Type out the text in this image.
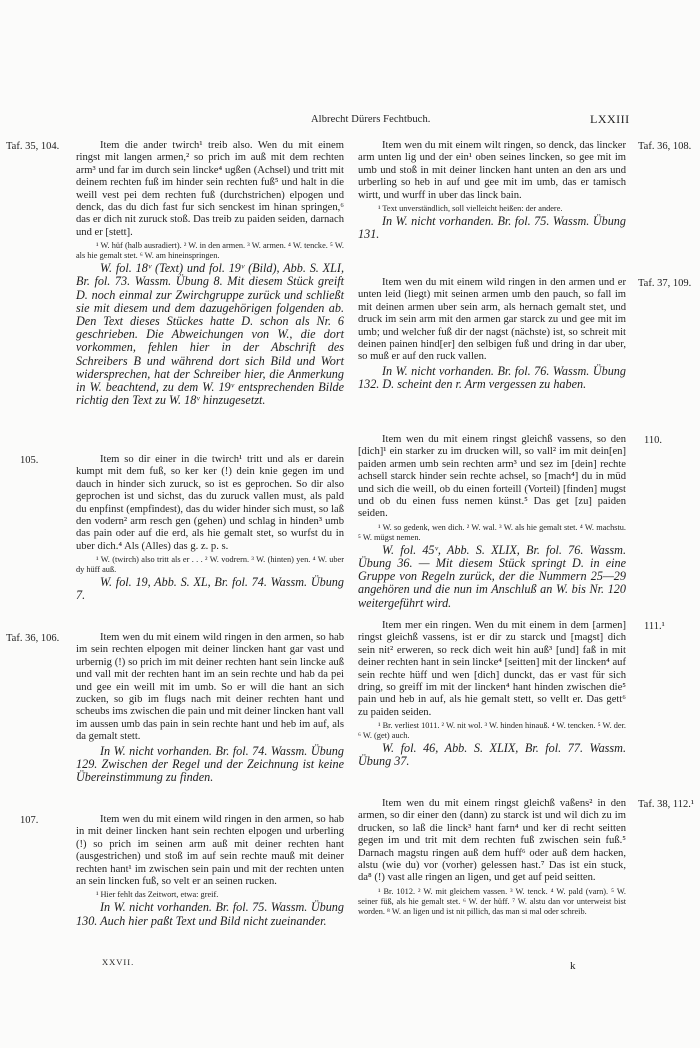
Albrecht Dürers Fechtbuch.	LXXIII
Taf. 35, 104.	Item die ander twirch¹ treib also. Wen du mit einem ringst mit langen armen,² so prich im auß mit dem rechten arm³ und far im durch sein lincke⁴ ugßen (Achsel) und tritt mit deinem rechten fuß im hinder sein rechten fuß⁵ und halt in die weill vest pei dem rechten fuß (durchstrichen) elpogen und denck, das du dich fast fur sich senckest im hinan springen,⁶ das er dich nit zuruck stoß. Das treib zu paiden seiden, darnach und er [stett].

¹ W. hüf (halb ausradiert). ² W. in den armen. ³ W. armen. ⁴ W. tencke. ⁵ W. als hie gemalt stet. ⁶ W. am hineinspringen.

W. fol. 18ᵛ (Text) und fol. 19ᵛ (Bild), Abb. S. XLI, Br. fol. 73. Wassm. Übung 8. Mit diesem Stück greift D. noch einmal zur Zwirchgruppe zurück und schließt sie mit diesem und dem dazugehörigen folgenden ab. Den Text dieses Stückes hatte D. schon als Nr. 6 geschrieben. Die Abweichungen von W., die dort vorkommen, fehlen hier in der Abschrift des Schreibers B und während dort sich Bild und Wort widersprechen, hat der Schreiber hier, die Anmerkung in W. beachtend, zu dem W. 19ᵛ entsprechenden Bilde richtig den Text zu W. 18ᵛ hinzugesetzt.

105.	Item so dir einer in die twirch¹ tritt und als er darein kumpt mit dem fuß, so ker ker (!) dein knie gegen im und dauch in hinder sich zuruck, so ist es geprochen. So dir also geprochen ist und sichst, das du zuruck vallen must, als pald du enpfinst (empfindest), das du wider hinder sich must, so laß den vodern² arm resch gen (gehen) und schlag in hinden³ umb das pain oder auf die erd, als hie gemalt stet, so wurfst du in uber dich.⁴ Als (Alles) das g. z. p. s.

¹ W. (twirch) also tritt als er . . . ² W. vodrern. ³ W. (hinten) yen. ⁴ W. uber dy hüff auß.

W. fol. 19, Abb. S. XL, Br. fol. 74. Wassm. Übung 7.

Taf. 36, 106.	Item wen du mit einem wild ringen in den armen, so hab im sein rechten elpogen mit deiner lincken hant gar vast und urbernig (!) so prich im mit deiner rechten hant sein lincke auß und vall mit der rechten hant im an sein rechte und hab da pei und gee ein weill mit im umb. So er will die hant an sich zucken, so gib im flugs nach mit deiner rechten hant und scheubs ims zwischen die pain und mit deiner lincken hant vall im aussen umb das pain in sein rechte hant und heb im auf, als da gemalt stett.

In W. nicht vorhanden. Br. fol. 74. Wassm. Übung 129. Zwischen der Regel und der Zeichnung ist keine Übereinstimmung zu finden.

107.	Item wen du mit einem wild ringen in den armen, so hab in mit deiner lincken hant sein rechten elpogen und urberling (!) so prich im seinen arm auß mit deiner rechten hant (ausgestrichen) und stoß im auf sein rechte mauß mit deiner rechten hant¹ im zwischen sein pain und mit der rechten unten an sein lincken fuß, so velt er an seinen rucken.

¹ Hier fehlt das Zeitwort, etwa: greif.

In W. nicht vorhanden. Br. fol. 75. Wassm. Übung 130. Auch hier paßt Text und Bild nicht zueinander.

XXVII.
Taf. 36, 108.

Item wen du mit einem wilt ringen, so denck, das lincker arm unten lig und der ein¹ oben seines lincken, so gee mit im umb und stoß in mit deiner lincken hant unten an den ars und urberling so heb in auf und gee mit im umb, das er tamisch wirtt, und wurff in uber das linck bain.

¹ Text unverständlich, soll vielleicht heißen: der andere.

In W. nicht vorhanden. Br. fol. 75. Wassm. Übung 131.

Taf. 37, 109.

Item wen du mit einem wild ringen in den armen und er unten leid (liegt) mit seinen armen umb den pauch, so fall im mit deinen armen uber sein arm, als hernach gemalt stet, und druck im sein arm mit den armen gar starck zu und gee mit im umb; und welcher fuß dir der nagst (nächste) ist, so schreit mit deinen painen hind[er] den selbigen fuß und dring in dar uber, so muß er auf den ruck vallen.

In W. nicht vorhanden. Br. fol. 76. Wassm. Übung 132. D. scheint den r. Arm vergessen zu haben.

110.

Item wen du mit einem ringst gleichß vassens, so den [dich]¹ ein starker zu im drucken will, so vall² im mit dein[en] paiden armen umb sein rechten arm³ und sez im [dein] rechte achsell starck hinder sein rechte achsel, so [mach⁴] du in müd und sich die weill, ob du einen forteill (Vorteil) [finden] mugst und ob du einen fuss nemen künst.⁵ Das get [zu] paiden seiden.

¹ W. so gedenk, wen dich. ² W. wal. ³ W. als hie gemalt stet. ⁴ W. machstu. ⁵ W. mügst nemen.

W. fol. 45ᵛ, Abb. S. XLIX, Br. fol. 76. Wassm. Übung 36. — Mit diesem Stück springt D. in eine Gruppe von Regeln zurück, der die Nummern 25—29 angehören und die nun im Anschluß an W. bis Nr. 120 weitergeführt wird.

111.¹

Item mer ein ringen. Wen du mit einem in dem [armen] ringst gleichß vassens, ist er dir zu starck und [magst] dich sein nit² erweren, so reck dich weit hin auß³ [und] faß in mit deiner rechten hant in sein lincke⁴ [seitten] mit der lincken⁴ auf sein rechte hüff und wen [dich] dunckt, das er vast für sich dring, so greiff im mit der lincken⁴ hant hinden zwischen die⁵ pain und heb in auf, als hie gemalt stett, so vellt er. Das gett⁶ zu paiden seiden.

¹ Br. verliest 1011. ² W. nit wol. ³ W. hinden hinauß. ⁴ W. tencken. ⁵ W. der. ⁶ W. (get) auch.

W. fol. 46, Abb. S. XLIX, Br. fol. 77. Wassm. Übung 37.

Taf. 38, 112.¹

Item wen du mit einem ringst gleichß vaßens² in den armen, so dir einer den (dann) zu starck ist und wil dich zu im drucken, so laß die linck³ hant farn⁴ und ker di recht seitten gegen im und trit mit dem rechten fuß zwischen sein fuß.⁵ Darnach magstu ringen auß dem huff⁶ oder auß dem hacken, alstu (wie du) vor (vorher) gelessen hast.⁷ Das ist ein stuck, da⁸ (!) vast alle ringen an ligen, und get auf peid seitten.

¹ Br. 1012. ² W. mit gleichem vassen. ³ W. tenck. ⁴ W. pald (varn). ⁵ W. seiner füß, als hie gemalt stet. ⁶ W. der hüff. ⁷ W. alstu dan vor unterweist bist worden. ⁸ W. an ligen und ist nit pillich, das man si mal oder schreib.

k
